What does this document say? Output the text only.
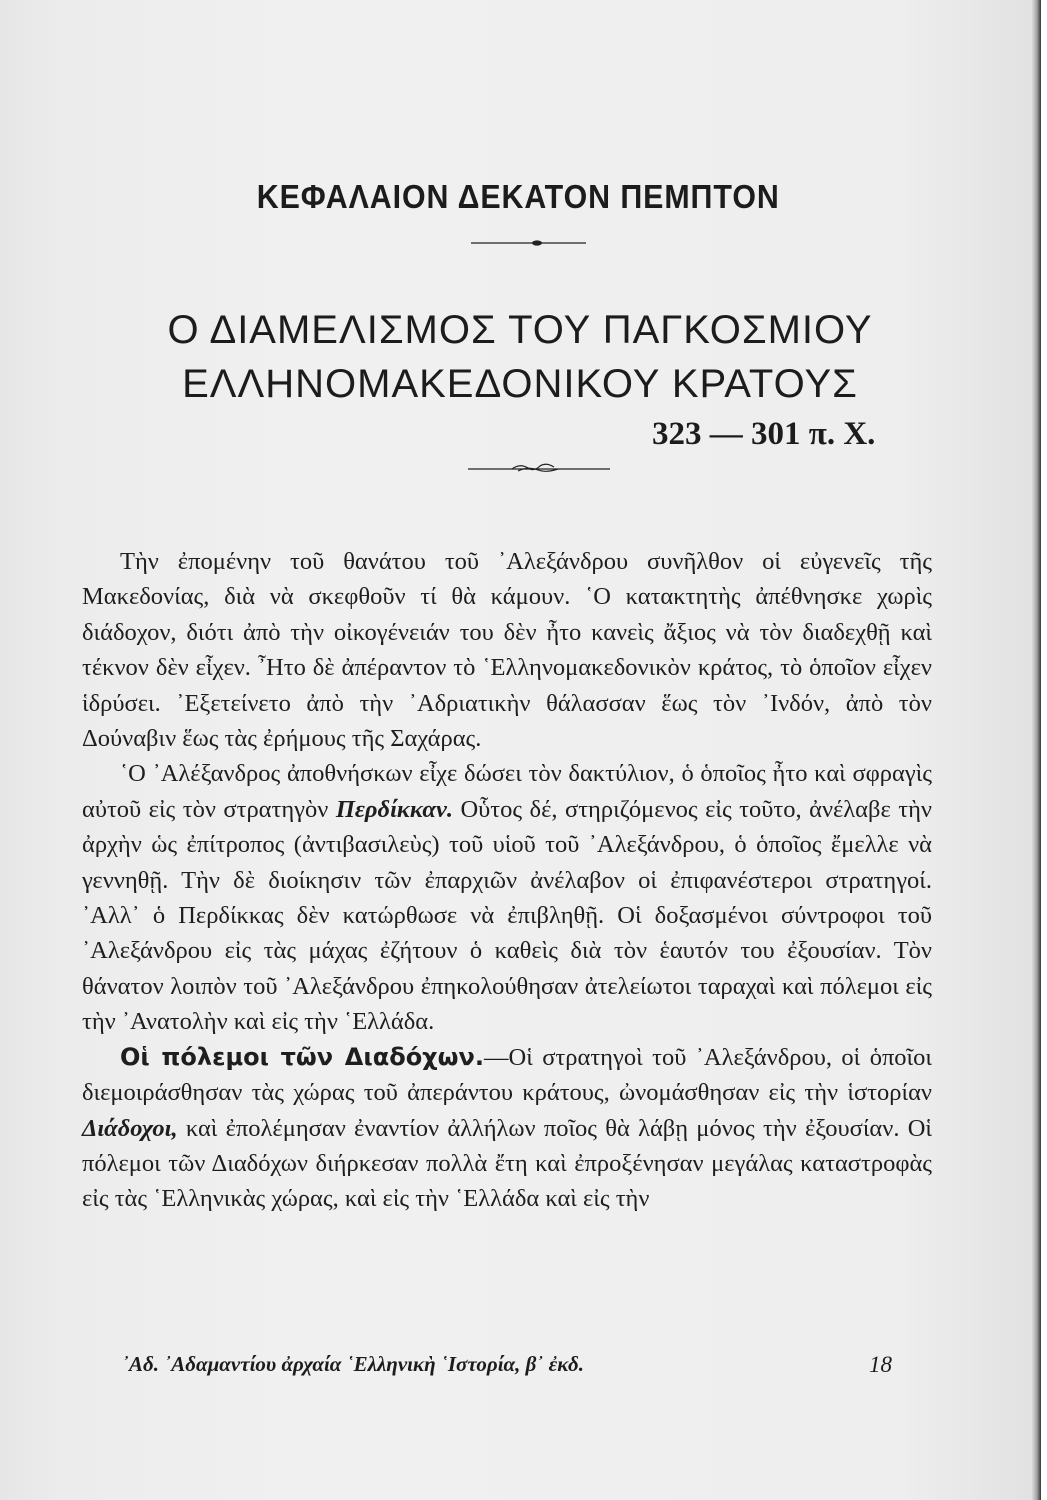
ΚΕΦΑΛΑΙΟΝ ΔΕΚΑΤΟΝ ΠΕΜΠΤΟΝ
Ο ΔΙΑΜΕΛΙΣΜΟΣ ΤΟΥ ΠΑΓΚΟΣΜΙΟΥ
ΕΛΛΗΝΟΜΑΚΕΔΟΝΙΚΟΥ ΚΡΑΤΟΥΣ
323 — 301 π. Χ.

Τὴν ἐπομένην τοῦ θανάτου τοῦ ᾿Αλεξάνδρου συνῆλθον οἱ εὐγενεῖς τῆς Μακεδονίας, διὰ νὰ σκεφθοῦν τί θὰ κάμουν. ῾Ο κατακτητὴς ἀπέθνησκε χωρὶς διάδοχον, διότι ἀπὸ τὴν οἰκογένειάν του δὲν ἦτο κανεὶς ἄξιος νὰ τὸν διαδεχθῇ καὶ τέκνον δὲν εἶχεν. ῏Ητο δὲ ἀπέραντον τὸ ῾Ελληνομακεδονικὸν κράτος, τὸ ὁποῖον εἶχεν ἱδρύσει. ᾿Εξετείνετο ἀπὸ τὴν ᾿Αδριατικὴν θάλασσαν ἕως τὸν ᾿Ινδόν, ἀπὸ τὸν Δούναβιν ἕως τὰς ἐρήμους τῆς Σαχάρας.

῾Ο ᾿Αλέξανδρος ἀποθνήσκων εἶχε δώσει τὸν δακτύλιον, ὁ ὁποῖος ἦτο καὶ σφραγὶς αὐτοῦ εἰς τὸν στρατηγὸν Περδίκκαν. Οὗτος δέ, στηριζόμενος εἰς τοῦτο, ἀνέλαβε τὴν ἀρχὴν ὡς ἐπίτροπος (ἀντιβασιλεὺς) τοῦ υἱοῦ τοῦ ᾿Αλεξάνδρου, ὁ ὁποῖος ἔμελλε νὰ γεννηθῇ. Τὴν δὲ διοίκησιν τῶν ἐπαρχιῶν ἀνέλαβον οἱ ἐπιφανέστεροι στρατηγοί. ᾿Αλλ᾿ ὁ Περδίκκας δὲν κατώρθωσε νὰ ἐπιβληθῇ. Οἱ δοξασμένοι σύντροφοι τοῦ ᾿Αλεξάνδρου εἰς τὰς μάχας ἐζήτουν ὁ καθεὶς διὰ τὸν ἑαυτόν του ἐξουσίαν. Τὸν θάνατον λοιπὸν τοῦ ᾿Αλεξάνδρου ἐπηκολούθησαν ἀτελείωτοι ταραχαὶ καὶ πόλεμοι εἰς τὴν ᾿Ανατολὴν καὶ εἰς τὴν ῾Ελλάδα.

Οἱ πόλεμοι τῶν Διαδόχων.—Οἱ στρατηγοὶ τοῦ ᾿Αλεξάνδρου, οἱ ὁποῖοι διεμοιράσθησαν τὰς χώρας τοῦ ἀπεράντου κράτους, ὠνομάσθησαν εἰς τὴν ἱστορίαν Διάδοχοι, καὶ ἐπολέμησαν ἐναντίον ἀλλήλων ποῖος θὰ λάβῃ μόνος τὴν ἐξουσίαν. Οἱ πόλεμοι τῶν Διαδόχων διήρκεσαν πολλὰ ἔτη καὶ ἐπροξένησαν μεγάλας καταστροφὰς εἰς τὰς ῾Ελληνικὰς χώρας, καὶ εἰς τὴν ῾Ελλάδα καὶ εἰς τὴν

᾿Αδ. ᾿Αδαμαντίου ἀρχαία ῾Ελληνικὴ ῾Ιστορία, β᾿ ἐκδ.	18
